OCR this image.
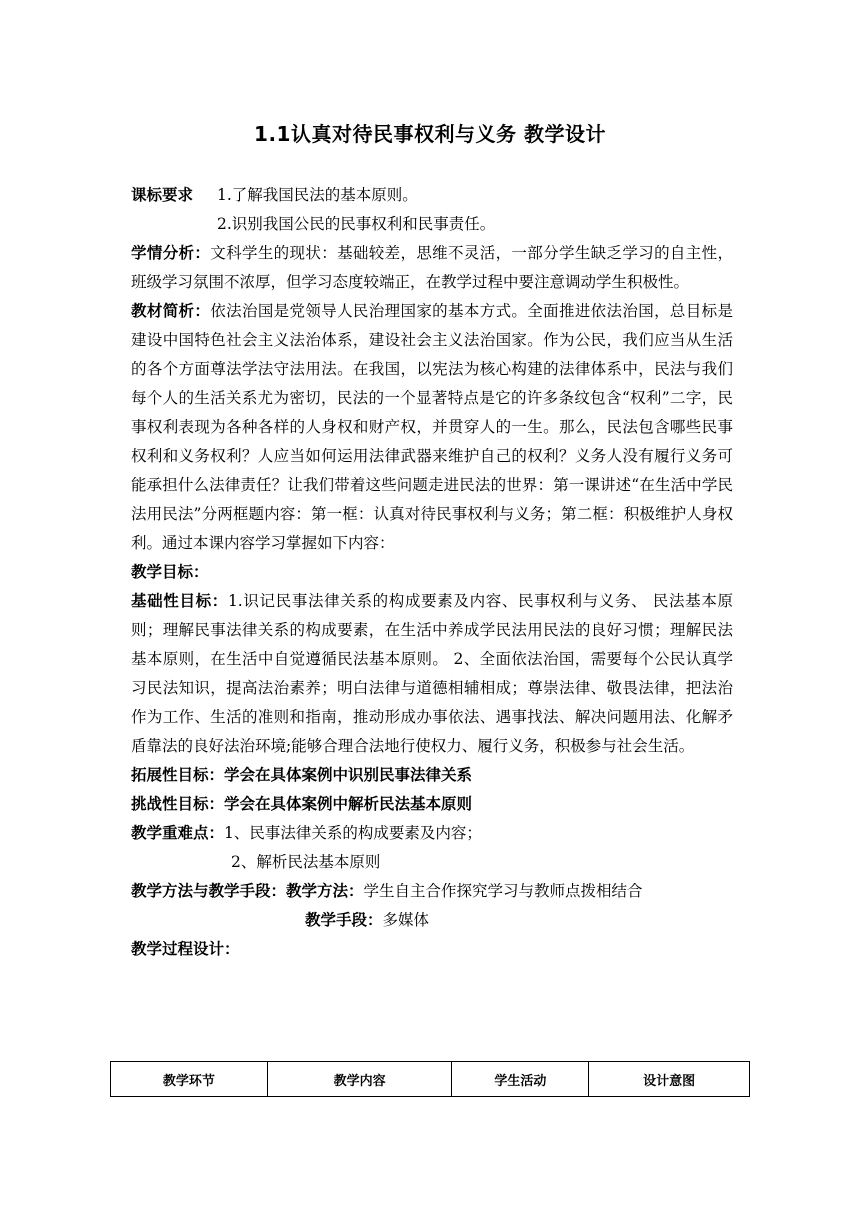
1.1认真对待民事权利与义务 教学设计

课标要求 1.了解我国民法的基本原则。

2.识别我国公民的民事权利和民事责任。

学情分析：文科学生的现状：基础较差，思维不灵活，一部分学生缺乏学习的自主性，班级学习氛围不浓厚，但学习态度较端正，在教学过程中要注意调动学生积极性。

教材简析：依法治国是党领导人民治理国家的基本方式。全面推进依法治国，总目标是建设中国特色社会主义法治体系，建设社会主义法治国家。作为公民，我们应当从生活的各个方面尊法学法守法用法。在我国，以宪法为核心构建的法律体系中，民法与我们每个人的生活关系尤为密切，民法的一个显著特点是它的许多条纹包含“权利”二字，民事权利表现为各种各样的人身权和财产权，并贯穿人的一生。那么，民法包含哪些民事权利和义务权利？人应当如何运用法律武器来维护自己的权利？义务人没有履行义务可能承担什么法律责任？让我们带着这些问题走进民法的世界：第一课讲述“在生活中学民法用民法”分两框题内容：第一框：认真对待民事权利与义务；第二框：积极维护人身权利。通过本课内容学习掌握如下内容：

教学目标：

基础性目标：1.识记民事法律关系的构成要素及内容、民事权利与义务、 民法基本原则；理解民事法律关系的构成要素，在生活中养成学民法用民法的良好习惯；理解民法基本原则，在生活中自觉遵循民法基本原则。 2、全面依法治国，需要每个公民认真学习民法知识，提高法治素养；明白法律与道德相辅相成；尊崇法律、敬畏法律，把法治作为工作、生活的准则和指南，推动形成办事依法、遇事找法、解决问题用法、化解矛盾靠法的良好法治环境;能够合理合法地行使权力、履行义务，积极参与社会生活。

拓展性目标：学会在具体案例中识别民事法律关系

挑战性目标：学会在具体案例中解析民法基本原则

教学重难点：1、民事法律关系的构成要素及内容；

2、解析民法基本原则

教学方法与教学手段：教学方法：学生自主合作探究学习与教师点拨相结合

教学手段：多媒体

教学过程设计：

教学环节	教学内容	学生活动	设计意图
